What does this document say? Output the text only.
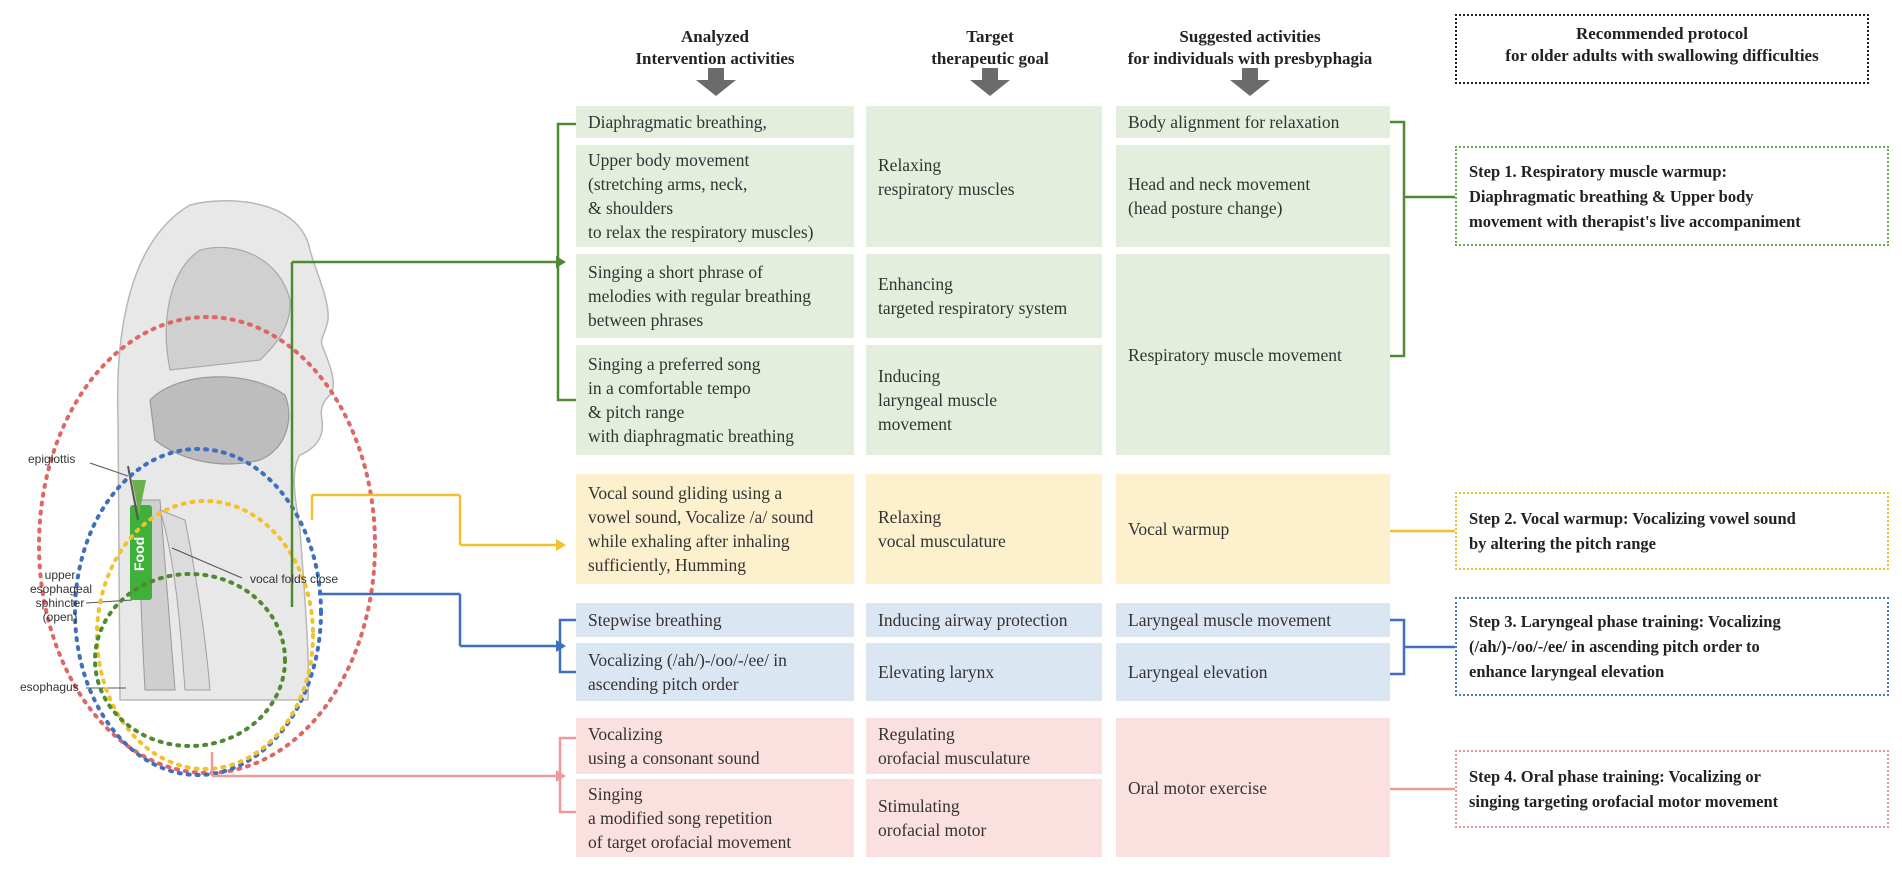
epiglottis
upper
esophageal
sphincter
(open)
vocal folds close
esophagus
Food
Analyzed
Intervention activities
Target
therapeutic goal
Suggested activities
for individuals with presbyphagia
Recommended protocol
for older adults with swallowing difficulties
Diaphragmatic breathing,
Upper body movement
(stretching arms, neck,
& shoulders
to relax the respiratory muscles)
Singing a short phrase of
melodies with regular breathing
between phrases
Singing a preferred song
in a comfortable tempo
& pitch range
with diaphragmatic breathing
Vocal sound gliding using a
vowel sound, Vocalize /a/ sound
while exhaling after inhaling
sufficiently, Humming
Stepwise breathing
Vocalizing (/ah/)-/oo/-/ee/ in
ascending pitch order
Vocalizing
using a consonant sound
Singing
a modified song repetition
of target orofacial movement
Relaxing
respiratory muscles
Enhancing
targeted respiratory system
Inducing
laryngeal muscle
movement
Relaxing
vocal musculature
Inducing airway protection
Elevating larynx
Regulating
orofacial musculature
Stimulating
orofacial motor
Body alignment for relaxation
Head and neck movement
(head posture change)
Respiratory muscle movement
Vocal warmup
Laryngeal muscle movement
Laryngeal elevation
Oral motor exercise
Step 1. Respiratory muscle warmup:
Diaphragmatic breathing & Upper body
movement with therapist's live accompaniment
Step 2. Vocal warmup: Vocalizing vowel sound
by altering the pitch range
Step 3. Laryngeal phase training: Vocalizing
(/ah/)-/oo/-/ee/ in ascending pitch order to
enhance laryngeal elevation
Step 4. Oral phase training: Vocalizing or
singing targeting orofacial motor movement
